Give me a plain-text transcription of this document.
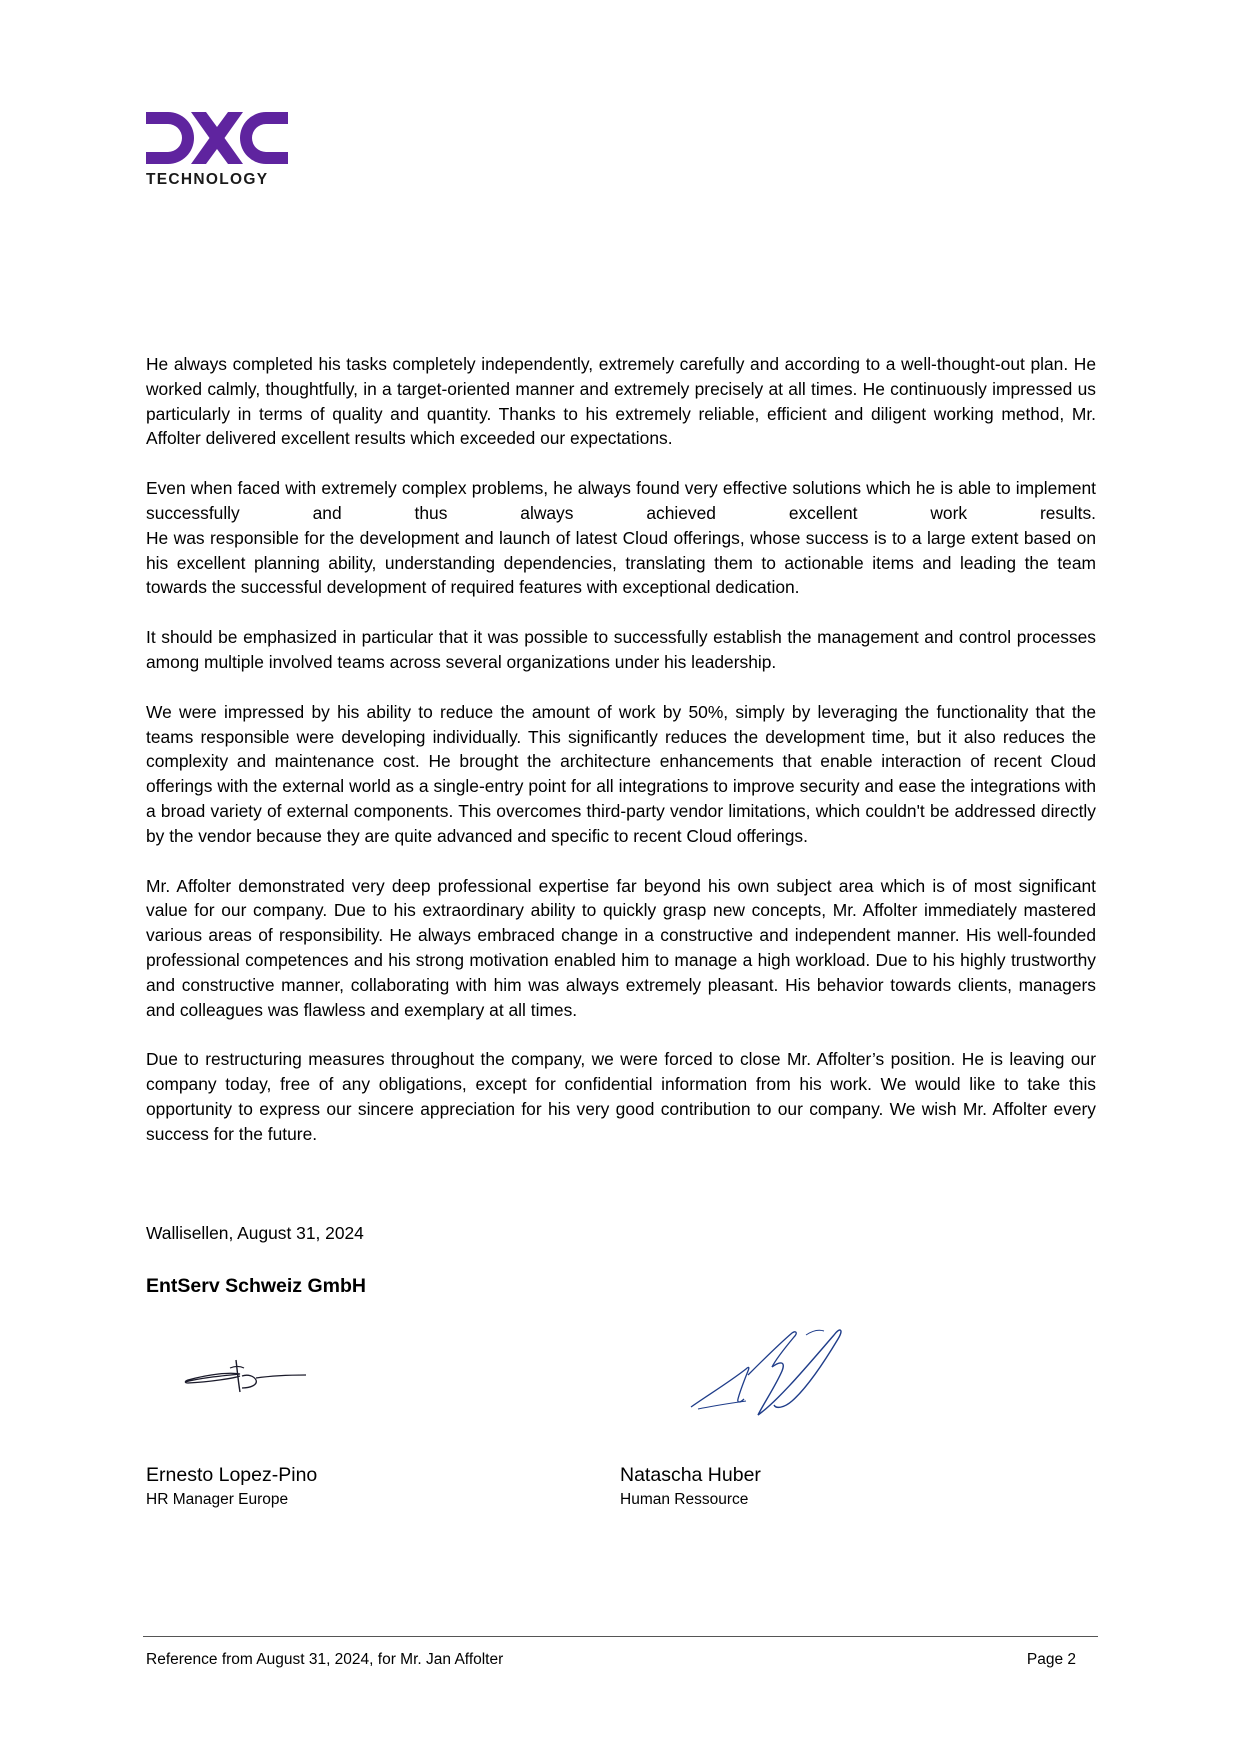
TECHNOLOGY

He always completed his tasks completely independently, extremely carefully and according to a well-thought-out plan. He worked calmly, thoughtfully, in a target-oriented manner and extremely precisely at all times. He continuously impressed us particularly in terms of quality and quantity. Thanks to his extremely reliable, efficient and diligent working method, Mr. Affolter delivered excellent results which exceeded our expectations.

Even when faced with extremely complex problems, he always found very effective solutions which he is able to implement successfully and thus always achieved excellent work results.

He was responsible for the development and launch of latest Cloud offerings, whose success is to a large extent based on his excellent planning ability, understanding dependencies, translating them to actionable items and leading the team towards the successful development of required features with exceptional dedication.

It should be emphasized in particular that it was possible to successfully establish the management and control processes among multiple involved teams across several organizations under his leadership.

We were impressed by his ability to reduce the amount of work by 50%, simply by leveraging the functionality that the teams responsible were developing individually. This significantly reduces the development time, but it also reduces the complexity and maintenance cost. He brought the architecture enhancements that enable interaction of recent Cloud offerings with the external world as a single-entry point for all integrations to improve security and ease the integrations with a broad variety of external components. This overcomes third-party vendor limitations, which couldn't be addressed directly by the vendor because they are quite advanced and specific to recent Cloud offerings.

Mr. Affolter demonstrated very deep professional expertise far beyond his own subject area which is of most significant value for our company. Due to his extraordinary ability to quickly grasp new concepts, Mr. Affolter immediately mastered various areas of responsibility. He always embraced change in a constructive and independent manner. His well-founded professional competences and his strong motivation enabled him to manage a high workload. Due to his highly trustworthy and constructive manner, collaborating with him was always extremely pleasant. His behavior towards clients, managers and colleagues was flawless and exemplary at all times.

Due to restructuring measures throughout the company, we were forced to close Mr. Affolter’s position. He is leaving our company today, free of any obligations, except for confidential information from his work. We would like to take this opportunity to express our sincere appreciation for his very good contribution to our company. We wish Mr. Affolter every success for the future.

Wallisellen, August 31, 2024
EntServ Schweiz GmbH
Ernesto Lopez-Pino
HR Manager Europe
Natascha Huber
Human Ressource
Reference from August 31, 2024, for Mr. Jan Affolter	Page 2
